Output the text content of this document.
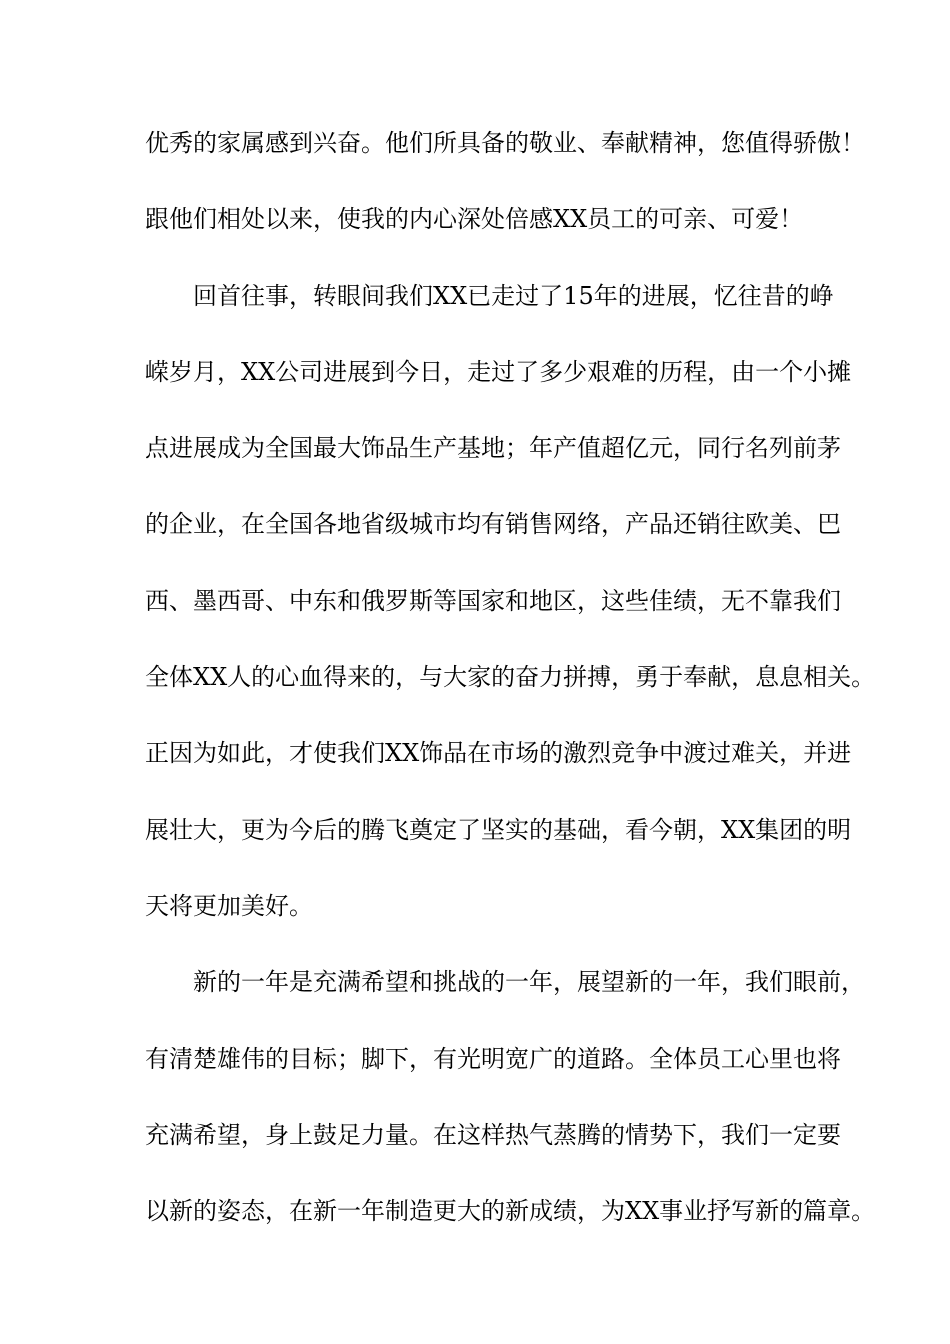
优秀的家属感到兴奋。他们所具备的敬业、奉献精神，您值得骄傲！

跟他们相处以来，使我的内心深处倍感XX员工的可亲、可爱！

回首往事，转眼间我们XX已走过了15年的进展，忆往昔的峥

嵘岁月，XX公司进展到今日，走过了多少艰难的历程，由一个小摊

点进展成为全国最大饰品生产基地；年产值超亿元，同行名列前茅

的企业，在全国各地省级城市均有销售网络，产品还销往欧美、巴

西、墨西哥、中东和俄罗斯等国家和地区，这些佳绩，无不靠我们

全体XX人的心血得来的，与大家的奋力拼搏，勇于奉献，息息相关。

正因为如此，才使我们XX饰品在市场的激烈竞争中渡过难关，并进

展壮大，更为今后的腾飞奠定了坚实的基础，看今朝，XX集团的明

天将更加美好。

新的一年是充满希望和挑战的一年，展望新的一年，我们眼前，

有清楚雄伟的目标；脚下，有光明宽广的道路。全体员工心里也将

充满希望，身上鼓足力量。在这样热气蒸腾的情势下，我们一定要

以新的姿态，在新一年制造更大的新成绩，为XX事业抒写新的篇章。
